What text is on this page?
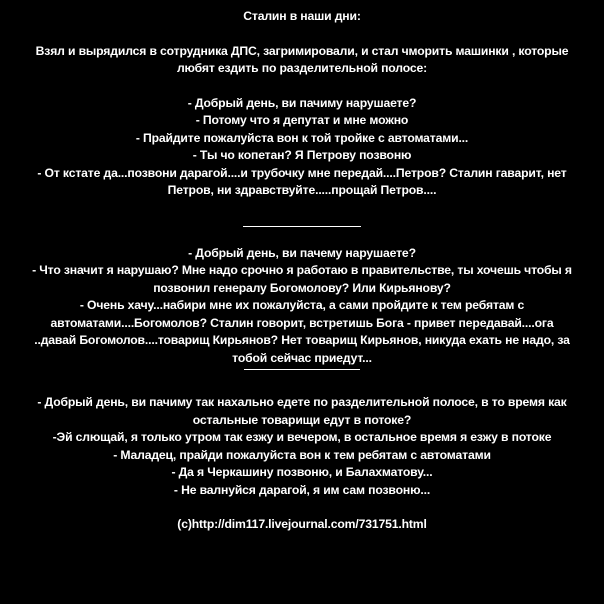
Сталин в наши дни:
Взял и вырядился в сотрудника ДПС, загримировали, и стал чморить машинки , которые
любят ездить по разделительной полосе:
- Добрый день, ви пачиму нарушаете?
- Потому что я депутат и мне можно
- Прайдите пожалуйста вон к той тройке с автоматами...
- Ты чо копетан? Я Петрову позвоню
- От кстате да...позвони дарагой....и трубочку мне передай....Петров? Сталин гаварит, нет
Петров, ни здравствуйте.....прощай Петров....
- Добрый день, ви пачему нарушаете?
- Что значит я нарушаю? Мне надо срочно я работаю в правительстве, ты хочешь чтобы я
позвонил генералу Богомолову? Или Кирьянову?
- Очень хачу...набири мне их пожалуйста, а сами пройдите к тем ребятам с
автоматами....Богомолов? Сталин говорит, встретишь Бога - привет передавай....ога
..давай Богомолов....товарищ Кирьянов? Нет товарищ Кирьянов, никуда ехать не надо, за
тобой сейчас приедут...
- Добрый день, ви пачиму так нахально едете по разделительной полосе, в то время как
остальные товарищи едут в потоке?
-Эй слющай, я только утром так езжу и вечером, в остальное время я езжу в потоке
- Маладец, прайди пожалуйста вон к тем ребятам с автоматами
- Да я Черкашину позвоню, и Балахматову...
- Не валнуйся дарагой, я им сам позвоню...
(c)http://dim117.livejournal.com/731751.html
